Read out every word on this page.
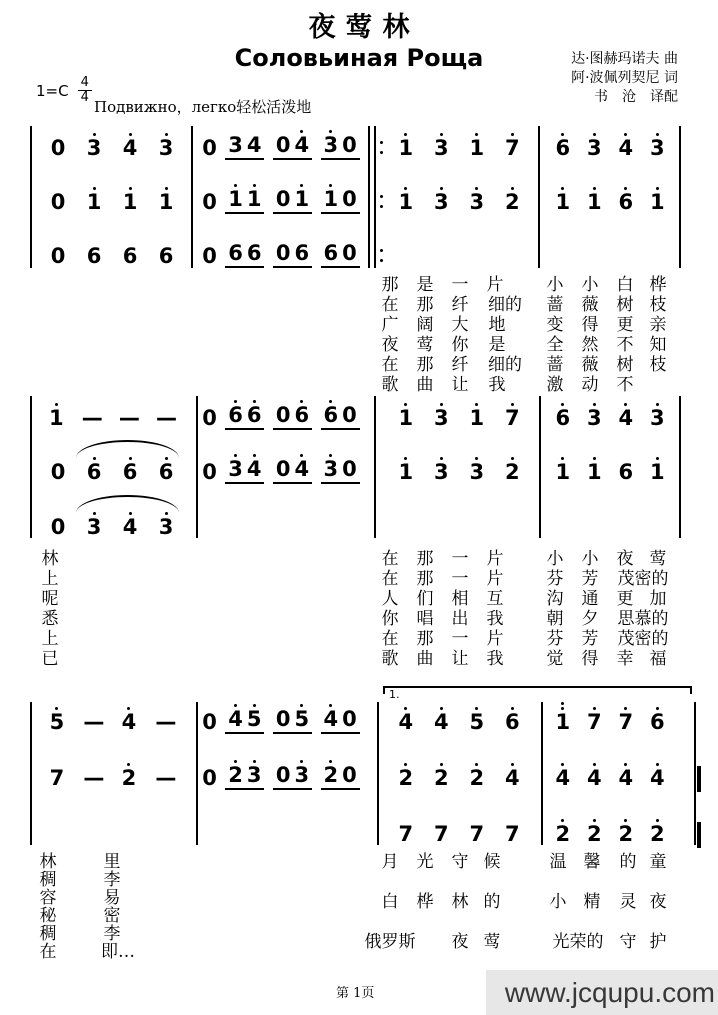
夜莺林
Соловьиная Роща	达·图赫玛诺夫 曲
阿·波佩列契尼 词
书　沧　译配
$1=C \frac{4}{4}$
Подвижно，легко轻松活泼地
0 3 4 3 0 3 4 0 4 3 0 1 3 1 7 6 3 4 3
0 1 1 1 0 1 1 0 1 1 0 1 3 3 2 1 1 6 1
0 6 6 6 0 6 6 0 6 6 0
1 — — — 0 6 6 0 6 6 0 1 3 1 7 6 3 4 3
0 6 6 6 0 3 4 0 4 3 0 1 3 3 2 1 1 6 1
0 3 4 3
1.
5 — 4 — 0 4 5 0 5 4 0 4 4 5 6 1 7 7 6
7 — 2 — 0 2 3 0 3 2 0 2 2 2 4 4 4 4 4
7 7 7 7 2 2 2 2
那 是 一 片	小 小 白 桦
在 那 纤 细的 蔷 薇 树 枝
广 阔 大 地 变 得 更 亲
夜 莺 你 是 全 然 不 知
在 那 纤 细的 蔷 薇 树 枝
歌 曲 让 我 激 动 不
林	在 那 一 片	小 小 夜 莺
上	在 那 一 片	芬 芳 茂密的
呢	人 们 相 互	沟 通 更 加
悉	你 唱 出 我	朝 夕 思慕的
上	在 那 一 片	芬 芳 茂密的
已	歌 曲 让 我	觉 得 幸 福
林	里
稠	李
容	易
秘	密
稠	李
在	即…
月 光 守 候	温 馨 的 童
白 桦 林 的	小 精 灵 夜
俄罗斯 夜 莺	光荣的 守 护
第 1页	www.jcqupu.com
